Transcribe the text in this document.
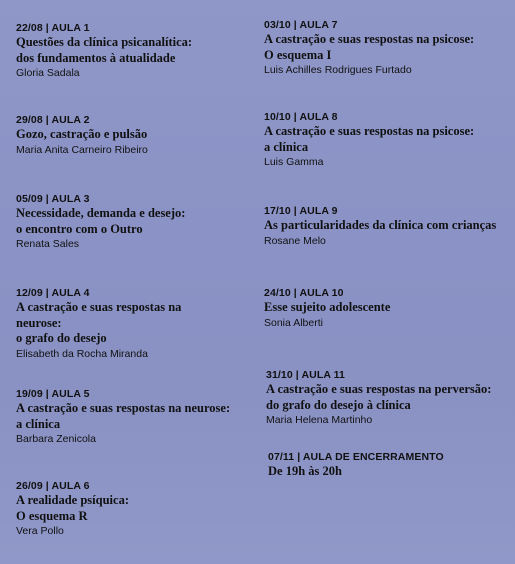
22/08 | AULA 1
Questões da clínica psicanalítica:
dos fundamentos à atualidade
Gloria Sadala
29/08 | AULA 2
Gozo, castração e pulsão
Maria Anita Carneiro Ribeiro
05/09 | AULA 3
Necessidade, demanda e desejo:
o encontro com o Outro
Renata Sales
12/09 | AULA 4
A castração e suas respostas na
neurose:
o grafo do desejo
Elisabeth da Rocha Miranda
19/09 | AULA 5
A castração e suas respostas na neurose:
a clínica
Barbara Zenicola
26/09 | AULA 6
A realidade psíquica:
O esquema R
Vera Pollo
03/10 | AULA 7
A castração e suas respostas na psicose:
O esquema I
Luis Achilles Rodrigues Furtado
10/10 | AULA 8
A castração e suas respostas na psicose:
a clínica
Luis Gamma
17/10 | AULA 9
As particularidades da clínica com crianças
Rosane Melo
24/10 | AULA 10
Esse sujeito adolescente
Sonia Alberti
31/10 | AULA 11
A castração e suas respostas na perversão:
do grafo do desejo à clínica
Maria Helena Martinho
07/11 | AULA DE ENCERRAMENTO
De 19h às 20h
